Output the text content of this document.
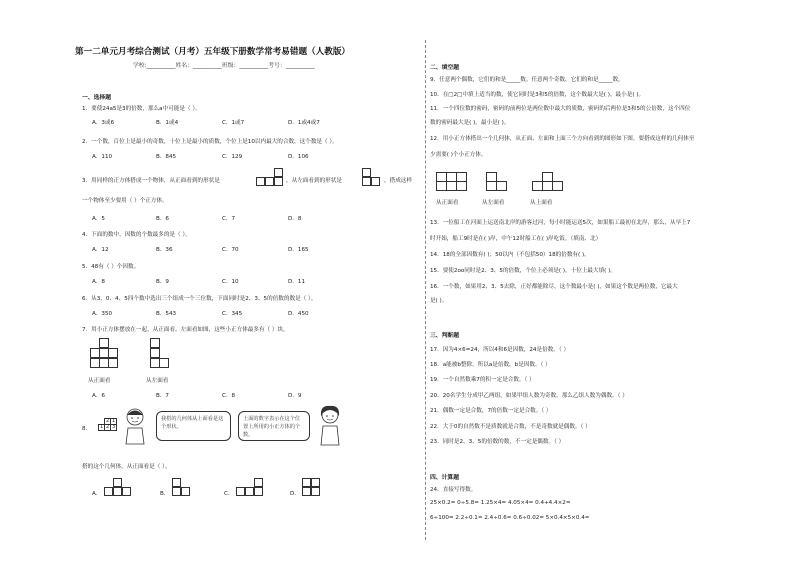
第一二单元月考综合测试（月考）五年级下册数学常考易错题（人教版）
学校:__________姓名：__________班级：__________考号：__________
一、选择题
1．要使24a5是3的倍数，那么a中可能是（ ）。
A．3或6	B．1或4	C．1或7	D．1或4或7
2．一个数，百位上是最小的奇数，十位上是最小的质数，个位上是10以内最大的合数，这个数是（ ）。
A．110	B．845	C．129	D．106
3．用同样的正方体搭成一个物体，从正面看到的形状是	，从左面看到的形状是	，搭成这样
一个物体至少要用（ ）个正方体。
A．5	B．6	C．7	D．8
4．下面的数中，因数的个数最多的是（ ）。
A．12	B．36	C．70	D．165
5．48有（ ）个因数。
A．8	B．9	C．10	D．11
6．从3、0、4、5四个数中选出三个组成一个三位数，下面同时是2、3、5的倍数的数是（ ）。
A．350	B．543	C．345	D．450
7．用小正方体摆放在一起，从正面看、左面看如图，这些小正方体最多有（ ）块。
从正面看	从左面看
A．6	B．7	C．8	D．9
8．
2 1
1 2 3
我搭的几何体从上面看是这个形状。
上面的数字表示在这个位置上所用的小正方体的个数。
搭的这个几何体，从正面看是（ ）。
A．	B．	C．	D．
二、填空题
9．任意两个偶数，它们的和是_____数。任意两个奇数，它们的和是_____数。
10．在□2□中填上适当的数，使它同时是3和5的倍数，这个数最大是( )，最小是( )。
11．一个四位数的密码，密码的前两位是两位数中最大的质数，密码的后两位是3和5的公倍数，这个四位
数的密码最大是( )，最小是( )。
12．用小正方体搭出一个几何体，从正面、左面和上面三个方向看到的图形如下图。要搭成这样的几何体至
少需要( )个小正方体。
从正面看	从左面看	从上面看
13．一位船工在河面上运送南北岸的游客过河，每小时能运送5次，如果船工最初在北岸，那么，从早上7
时开始，船工9时是在( )岸，中午12时船工在( )岸吃饭。（填南、北）
14．18的全部因数有( )；50以内（不包括50）18的倍数有( )。
15．要使2oo同时是2、3、5的倍数，个位上必须是( )，十位上最大填( )。
16．一个数，如果用2、3、5去除，正好都能除尽，这个数最小是( )，如果这个数是两位数，它最大
是( )。
三、判断题
17．因为4×6=24，所以4和6是因数，24是倍数。（ ）
18．a能被b整除，所以a是倍数，b是因数。（ ）
19．一个自然数乘7的积一定是合数。（ ）
20．20名学生分成甲乙两组，如果甲组人数为奇数，那么乙组人数为偶数。（ ）
21．偶数一定是合数，7的倍数一定是合数。（ ）
22．大于0的自然数不是质数就是合数，不是奇数就是偶数。（ ）
23．同时是2、3、5的倍数的数，不一定是偶数。（ ）
四、计算题
24．直接写得数。
25×0.2= 0÷5.8= 1.25×4= 4.05×4= 0.4+4.4×2=
6÷100= 2.2÷0.1= 2.4÷0.6= 0.6÷0.02= 5×0.4×5×0.4=
